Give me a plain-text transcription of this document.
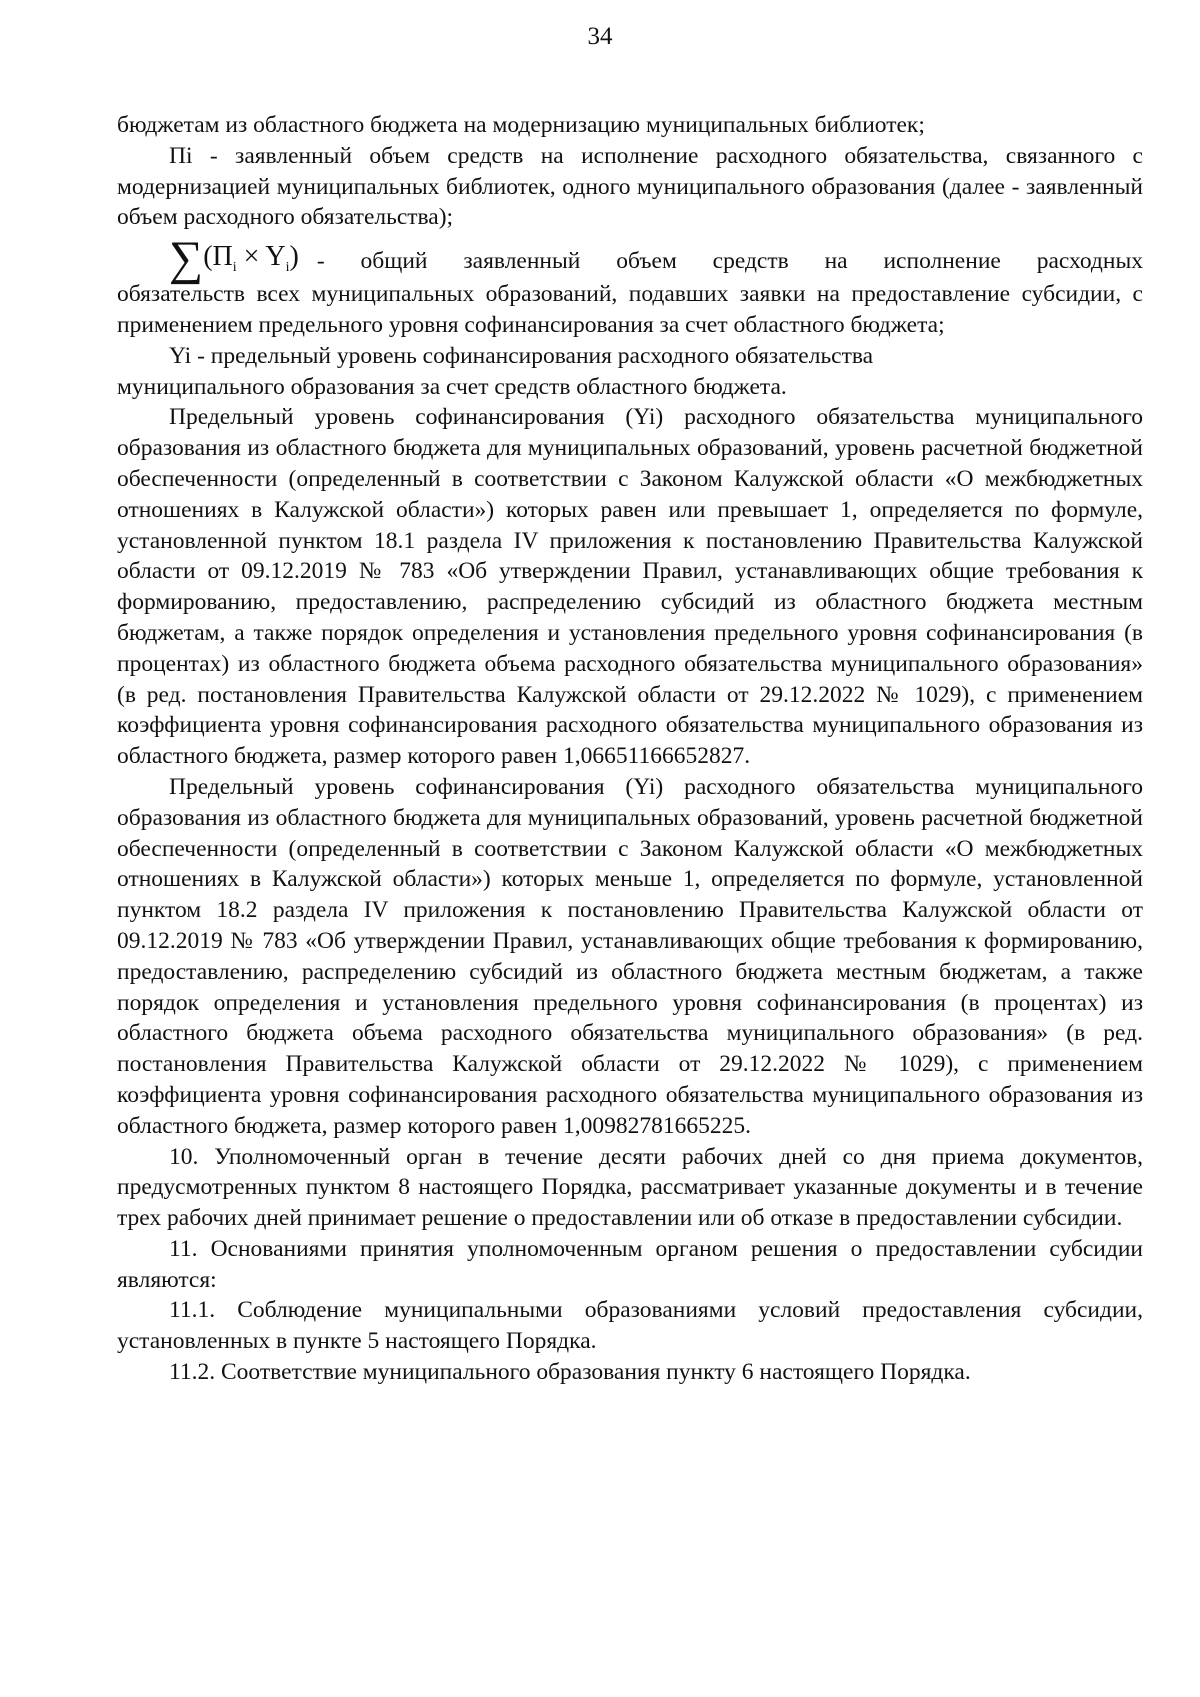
34

бюджетам из областного бюджета на модернизацию муниципальных библиотек;

Пi - заявленный объем средств на исполнение расходного обязательства, связанного с модернизацией муниципальных библиотек, одного муниципального образования (далее - заявленный объем расходного обязательства);

∑ $(П_i \times Y_i)$ - общий заявленный объем средств на исполнение расходных

обязательств всех муниципальных образований, подавших заявки на предоставление субсидии, с применением предельного уровня софинансирования за счет областного бюджета;

Yi - предельный уровень софинансирования расходного обязательства

муниципального образования за счет средств областного бюджета.

Предельный уровень софинансирования (Yi) расходного обязательства муниципального образования из областного бюджета для муниципальных образований, уровень расчетной бюджетной обеспеченности (определенный в соответствии с Законом Калужской области «О межбюджетных отношениях в Калужской области») которых равен или превышает 1, определяется по формуле, установленной пунктом 18.1 раздела IV приложения к постановлению Правительства Калужской области от 09.12.2019 № 783 «Об утверждении Правил, устанавливающих общие требования к формированию, предоставлению, распределению субсидий из областного бюджета местным бюджетам, а также порядок определения и установления предельного уровня софинансирования (в процентах) из областного бюджета объема расходного обязательства муниципального образования» (в ред. постановления Правительства Калужской области от 29.12.2022 № 1029), с применением коэффициента уровня софинансирования расходного обязательства муниципального образования из областного бюджета, размер которого равен 1,06651166652827.

Предельный уровень софинансирования (Yi) расходного обязательства муниципального образования из областного бюджета для муниципальных образований, уровень расчетной бюджетной обеспеченности (определенный в соответствии с Законом Калужской области «О межбюджетных отношениях в Калужской области») которых меньше 1, определяется по формуле, установленной пунктом 18.2 раздела IV приложения к постановлению Правительства Калужской области от 09.12.2019 № 783 «Об утверждении Правил, устанавливающих общие требования к формированию, предоставлению, распределению субсидий из областного бюджета местным бюджетам, а также порядок определения и установления предельного уровня софинансирования (в процентах) из областного бюджета объема расходного обязательства муниципального образования» (в ред. постановления Правительства Калужской области от 29.12.2022 № 1029), с применением коэффициента уровня софинансирования расходного обязательства муниципального образования из областного бюджета, размер которого равен 1,00982781665225.

10. Уполномоченный орган в течение десяти рабочих дней со дня приема документов, предусмотренных пунктом 8 настоящего Порядка, рассматривает указанные документы и в течение трех рабочих дней принимает решение о предоставлении или об отказе в предоставлении субсидии.

11. Основаниями принятия уполномоченным органом решения о предоставлении субсидии являются:

11.1. Соблюдение муниципальными образованиями условий предоставления субсидии, установленных в пункте 5 настоящего Порядка.

11.2. Соответствие муниципального образования пункту 6 настоящего Порядка.
